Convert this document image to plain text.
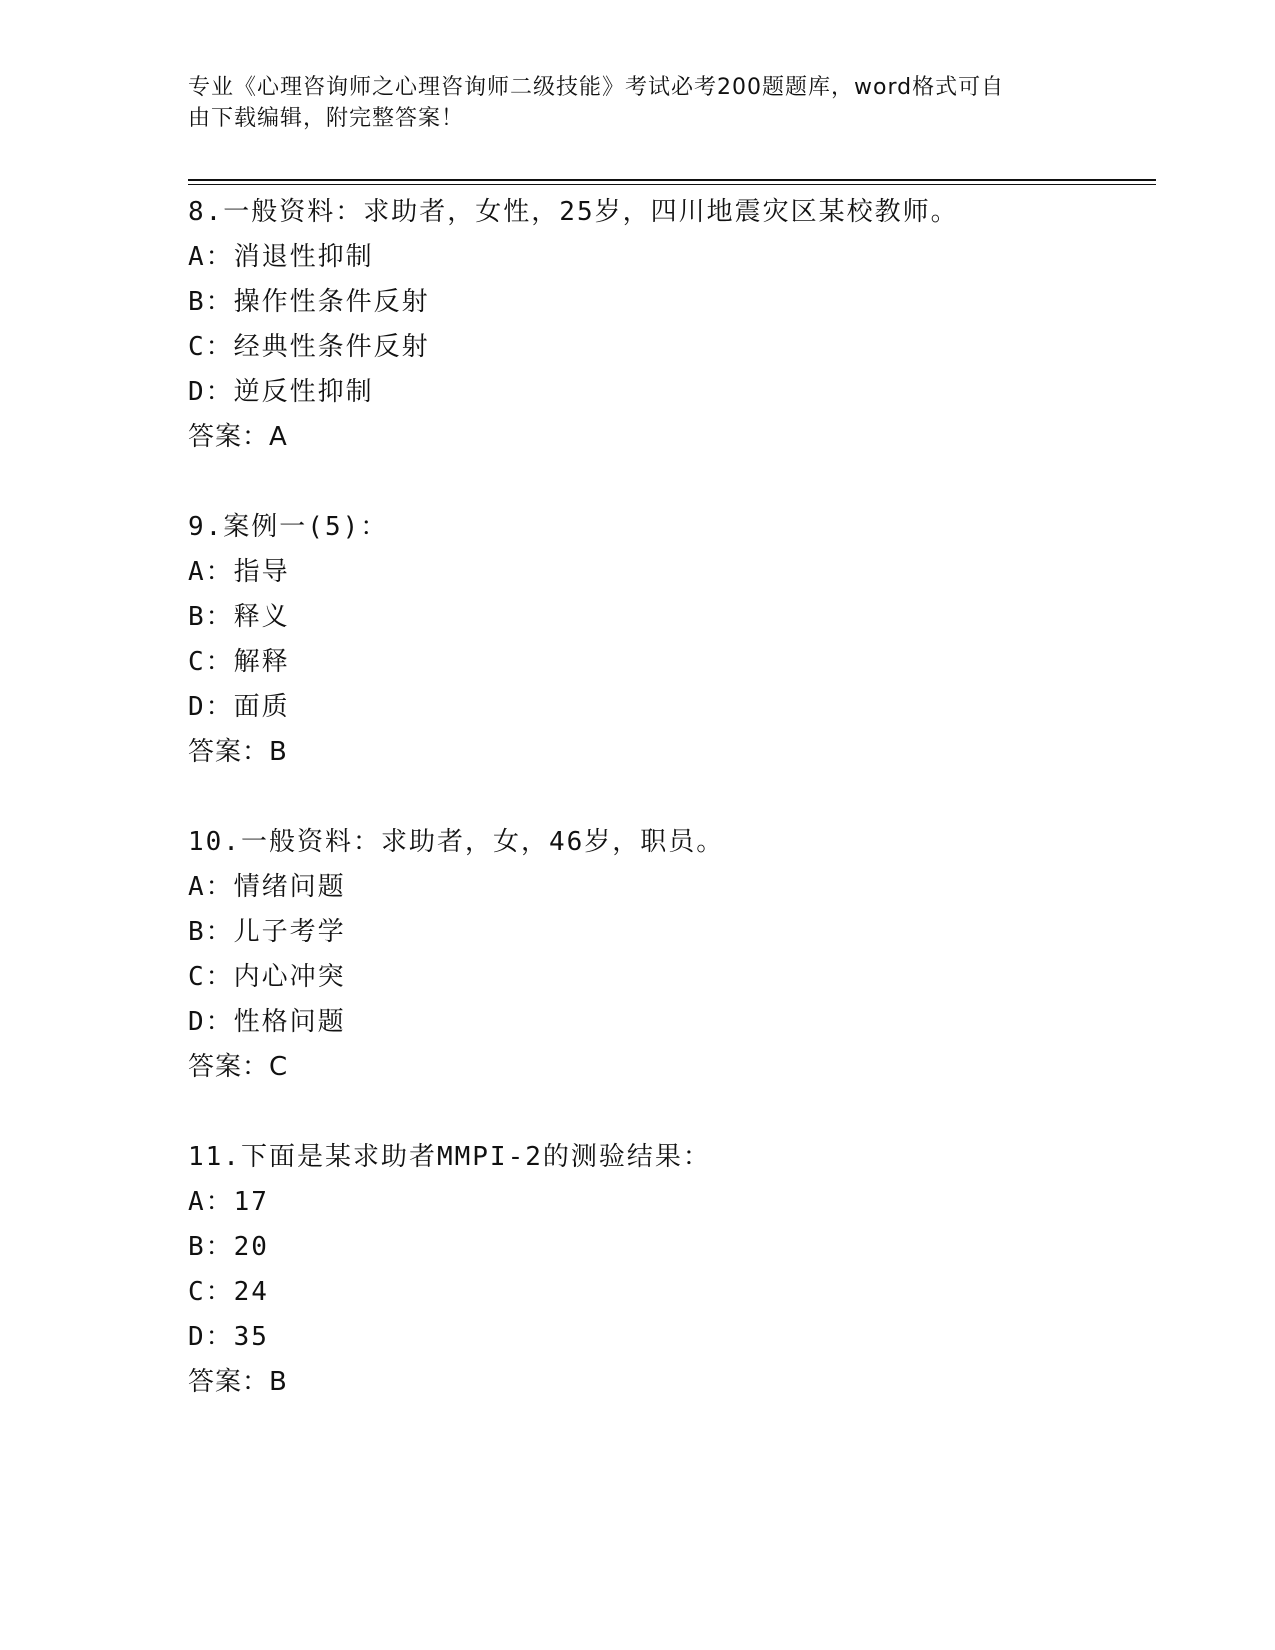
专业《心理咨询师之心理咨询师二级技能》考试必考200题题库，word格式可自
由下载编辑，附完整答案！
8.一般资料：求助者，女性，25岁，四川地震灾区某校教师。
A：消退性抑制
B：操作性条件反射
C：经典性条件反射
D：逆反性抑制
答案：A
9.案例一(5)：
A：指导
B：释义
C：解释
D：面质
答案：B
10.一般资料：求助者，女，46岁，职员。
A：情绪问题
B：儿子考学
C：内心冲突
D：性格问题
答案：C
11.下面是某求助者MMPI-2的测验结果：
A：17
B：20
C：24
D：35
答案：B
